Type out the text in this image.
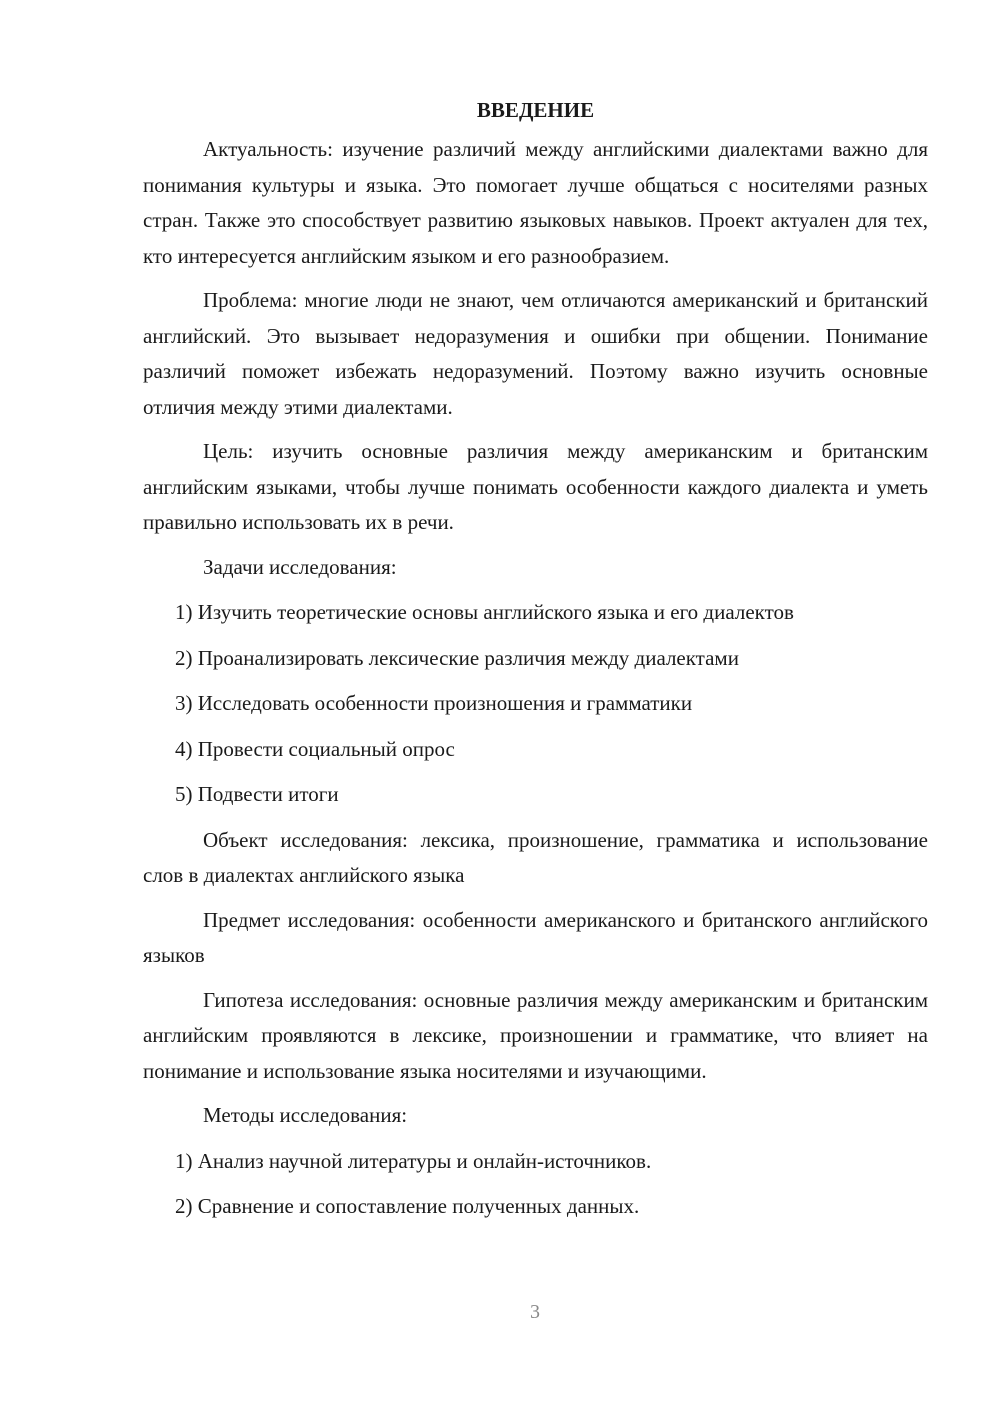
ВВЕДЕНИЕ

Актуальность: изучение различий между английскими диалектами важно для понимания культуры и языка. Это помогает лучше общаться с носителями разных стран. Также это способствует развитию языковых навыков. Проект актуален для тех, кто интересуется английским языком и его разнообразием.

Проблема: многие люди не знают, чем отличаются американский и британский английский. Это вызывает недоразумения и ошибки при общении. Понимание различий поможет избежать недоразумений. Поэтому важно изучить основные отличия между этими диалектами.

Цель: изучить основные различия между американским и британским английским языками, чтобы лучше понимать особенности каждого диалекта и уметь правильно использовать их в речи.

Задачи исследования:
1) Изучить теоретические основы английского языка и его диалектов
2) Проанализировать лексические различия между диалектами
3) Исследовать особенности произношения и грамматики
4) Провести социальный опрос
5) Подвести итоги

Объект исследования: лексика, произношение, грамматика и использование слов в диалектах английского языка

Предмет исследования: особенности американского и британского английского языков

Гипотеза исследования: основные различия между американским и британским английским проявляются в лексике, произношении и грамматике, что влияет на понимание и использование языка носителями и изучающими.

Методы исследования:
1) Анализ научной литературы и онлайн-источников.
2) Сравнение и сопоставление полученных данных.
3
